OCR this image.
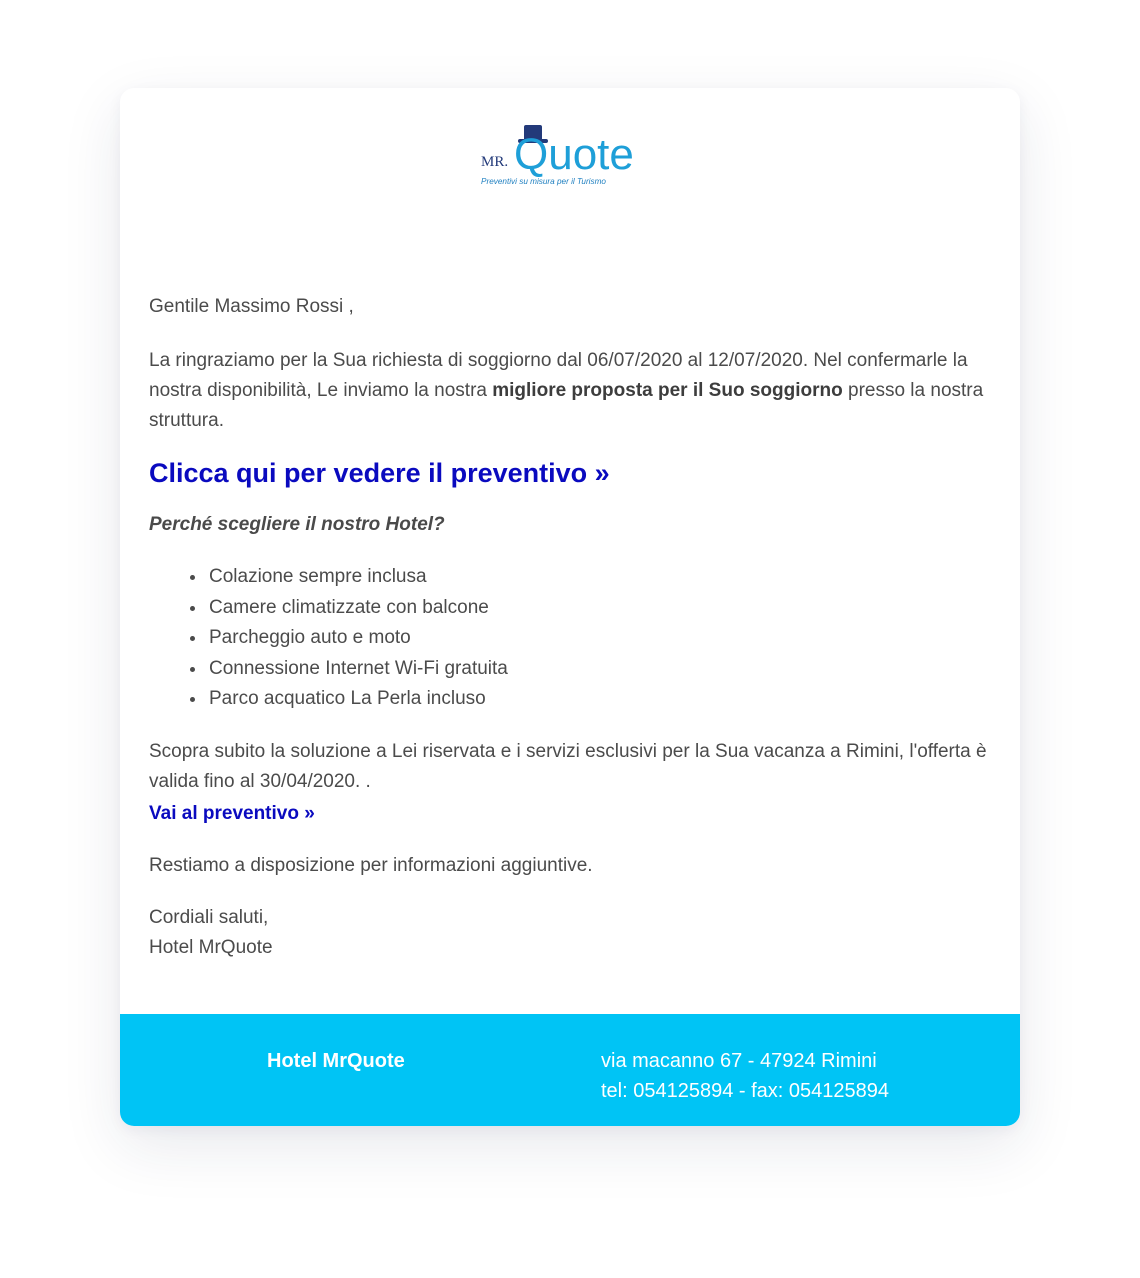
MR. Quote
Preventivi su misura per il Turismo

Gentile Massimo Rossi ,

La ringraziamo per la Sua richiesta di soggiorno dal 06/07/2020 al 12/07/2020. Nel confermarle la nostra disponibilità, Le inviamo la nostra migliore proposta per il Suo soggiorno presso la nostra struttura.

Clicca qui per vedere il preventivo »

Perché scegliere il nostro Hotel?

Colazione sempre inclusa
Camere climatizzate con balcone
Parcheggio auto e moto
Connessione Internet Wi-Fi gratuita
Parco acquatico La Perla incluso

Scopra subito la soluzione a Lei riservata e i servizi esclusivi per la Sua vacanza a Rimini, l'offerta è valida fino al 30/04/2020. .

Vai al preventivo »

Restiamo a disposizione per informazioni aggiuntive.

Cordiali saluti,
Hotel MrQuote

Hotel MrQuote	via macanno 67 - 47924 Rimini
tel: 054125894 - fax: 054125894
